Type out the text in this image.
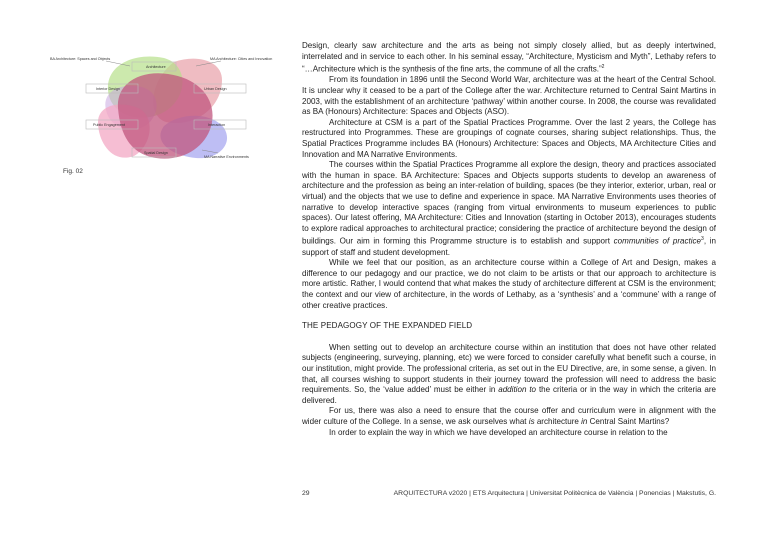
BA Architecture: Spaces and Objects
Architecture
MA Architecture: Cities and Innovation
Interior Design	Urban Design
Public Engagement	Interaction
Spatial Design
MA Narrative Environments
Fig. 02

Design, clearly saw architecture and the arts as being not simply closely allied, but as deeply intertwined, interrelated and in service to each other. In his seminal essay, “Architecture, Mysticism and Myth”, Lethaby refers to “…Architecture which is the synthesis of the fine arts, the commune of all the crafts.”$^2$

From its foundation in 1896 until the Second World War, architecture was at the heart of the Central School. It is unclear why it ceased to be a part of the College after the war. Architecture returned to Central Saint Martins in 2003, with the establishment of an architecture ‘pathway’ within another course. In 2008, the course was revalidated as BA (Honours) Architecture: Spaces and Objects (ASO).

Architecture at CSM is a part of the Spatial Practices Programme. Over the last 2 years, the College has restructured into Programmes. These are groupings of cognate courses, sharing subject relationships. Thus, the Spatial Practices Programme includes BA (Honours) Architecture: Spaces and Objects, MA Architecture Cities and Innovation and MA Narrative Environments.

The courses within the Spatial Practices Programme all explore the design, theory and practices associated with the human in space. BA Architecture: Spaces and Objects supports students to develop an awareness of architecture and the profession as being an inter-relation of building, spaces (be they interior, exterior, urban, real or virtual) and the objects that we use to define and experience in space. MA Narrative Environments uses theories of narrative to develop interactive spaces (ranging from virtual environments to museum experiences to public spaces). Our latest offering, MA Architecture: Cities and Innovation (starting in October 2013), encourages students to explore radical approaches to architectural practice; considering the practice of architecture beyond the design of buildings. Our aim in forming this Programme structure is to establish and support communities of practice$^3$, in support of staff and student development.

While we feel that our position, as an architecture course within a College of Art and Design, makes a difference to our pedagogy and our practice, we do not claim to be artists or that our approach to architecture is more artistic. Rather, I would contend that what makes the study of architecture different at CSM is the environment; the context and our view of architecture, in the words of Lethaby, as a ‘synthesis’ and a ‘commune’ with a range of other creative practices.

THE PEDAGOGY OF THE EXPANDED FIELD

When setting out to develop an architecture course within an institution that does not have other related subjects (engineering, surveying, planning, etc) we were forced to consider carefully what benefit such a course, in our institution, might provide. The professional criteria, as set out in the EU Directive, are, in some sense, a given. In that, all courses wishing to support students in their journey toward the profession will need to address the basic requirements. So, the ‘value added’ must be either in addition to the criteria or in the way in which the criteria are delivered.

For us, there was also a need to ensure that the course offer and curriculum were in alignment with the wider culture of the College. In a sense, we ask ourselves what is architecture in Central Saint Martins?

In order to explain the way in which we have developed an architecture course in relation to the

29	ARQUITECTURA v2020 | ETS Arquitectura | Universitat Politècnica de València | Ponencias | Makstutis, G.
